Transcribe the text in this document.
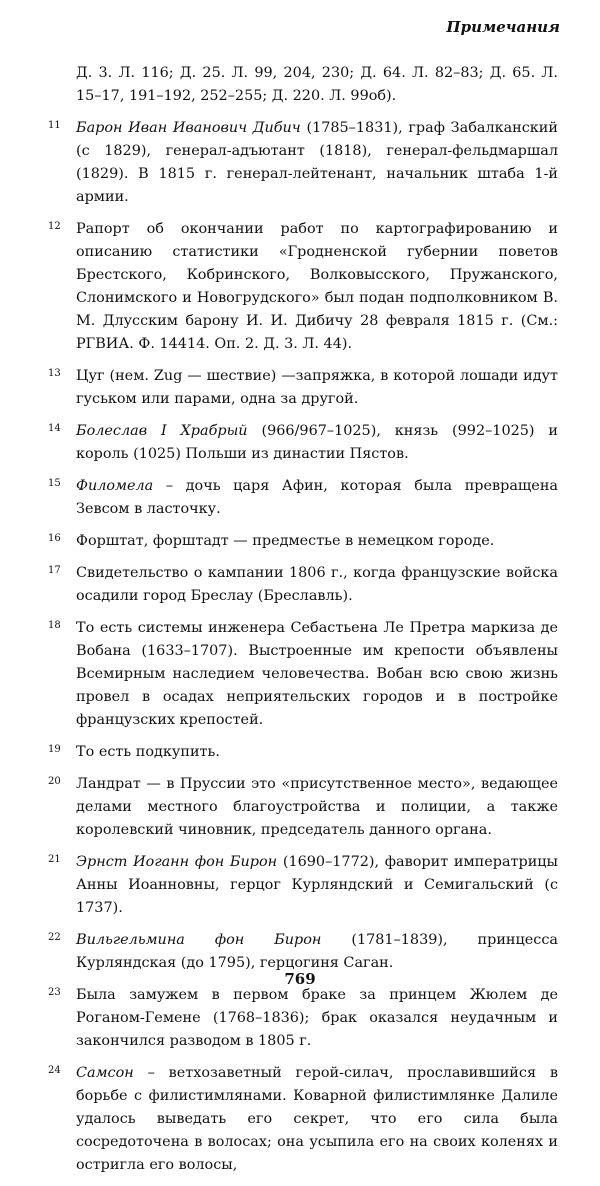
Примечания
Д. 3. Л. 116; Д. 25. Л. 99, 204, 230; Д. 64. Л. 82–83; Д. 65. Л. 15–17, 191–192, 252–255; Д. 220. Л. 99об).
11	Барон Иван Иванович Дибич (1785–1831), граф Забалканский (с 1829), генерал-адъютант (1818), генерал-фельдмаршал (1829). В 1815 г. генерал-лейтенант, начальник штаба 1-й армии.
12	Рапорт об окончании работ по картографированию и описанию статистики «Гродненской губернии поветов Брестского, Кобринского, Волковысского, Пружанского, Слонимского и Новогрудского» был подан подполковником В. М. Длусским барону И. И. Дибичу 28 февраля 1815 г. (См.: РГВИА. Ф. 14414. Оп. 2. Д. 3. Л. 44).
13	Цуг (нем. Zug — шествие) —запряжка, в которой лошади идут гуськом или парами, одна за другой.
14	Болеслав I Храбрый (966/967–1025), князь (992–1025) и король (1025) Польши из династии Пястов.
15	Филомела – дочь царя Афин, которая была превращена Зевсом в ласточку.
16	Форштат, форштадт — предместье в немецком городе.
17	Свидетельство о кампании 1806 г., когда французские войска осадили город Бреслау (Бреславль).
18	То есть системы инженера Себастьена Ле Претра маркиза де Вобана (1633–1707). Выстроенные им крепости объявлены Всемирным наследием человечества. Вобан всю свою жизнь провел в осадах неприятельских городов и в постройке французских крепостей.
19	То есть подкупить.
20	Ландрат — в Пруссии это «присутственное место», ведающее делами местного благоустройства и полиции, а также королевский чиновник, председатель данного органа.
21	Эрнст Иоганн фон Бирон (1690–1772), фаворит императрицы Анны Иоанновны, герцог Курляндский и Семигальский (с 1737).
22	Вильгельмина фон Бирон (1781–1839), принцесса Курляндская (до 1795), герцогиня Саган.
23	Была замужем в первом браке за принцем Жюлем де Роганом-Гемене (1768–1836); брак оказался неудачным и закончился разводом в 1805 г.
24	Самсон – ветхозаветный герой-силач, прославившийся в борьбе с филистимлянами. Коварной филистимлянке Далиле удалось выведать его секрет, что его сила была сосредоточена в волосах; она усыпила его на своих коленях и остригла его волосы,
769
